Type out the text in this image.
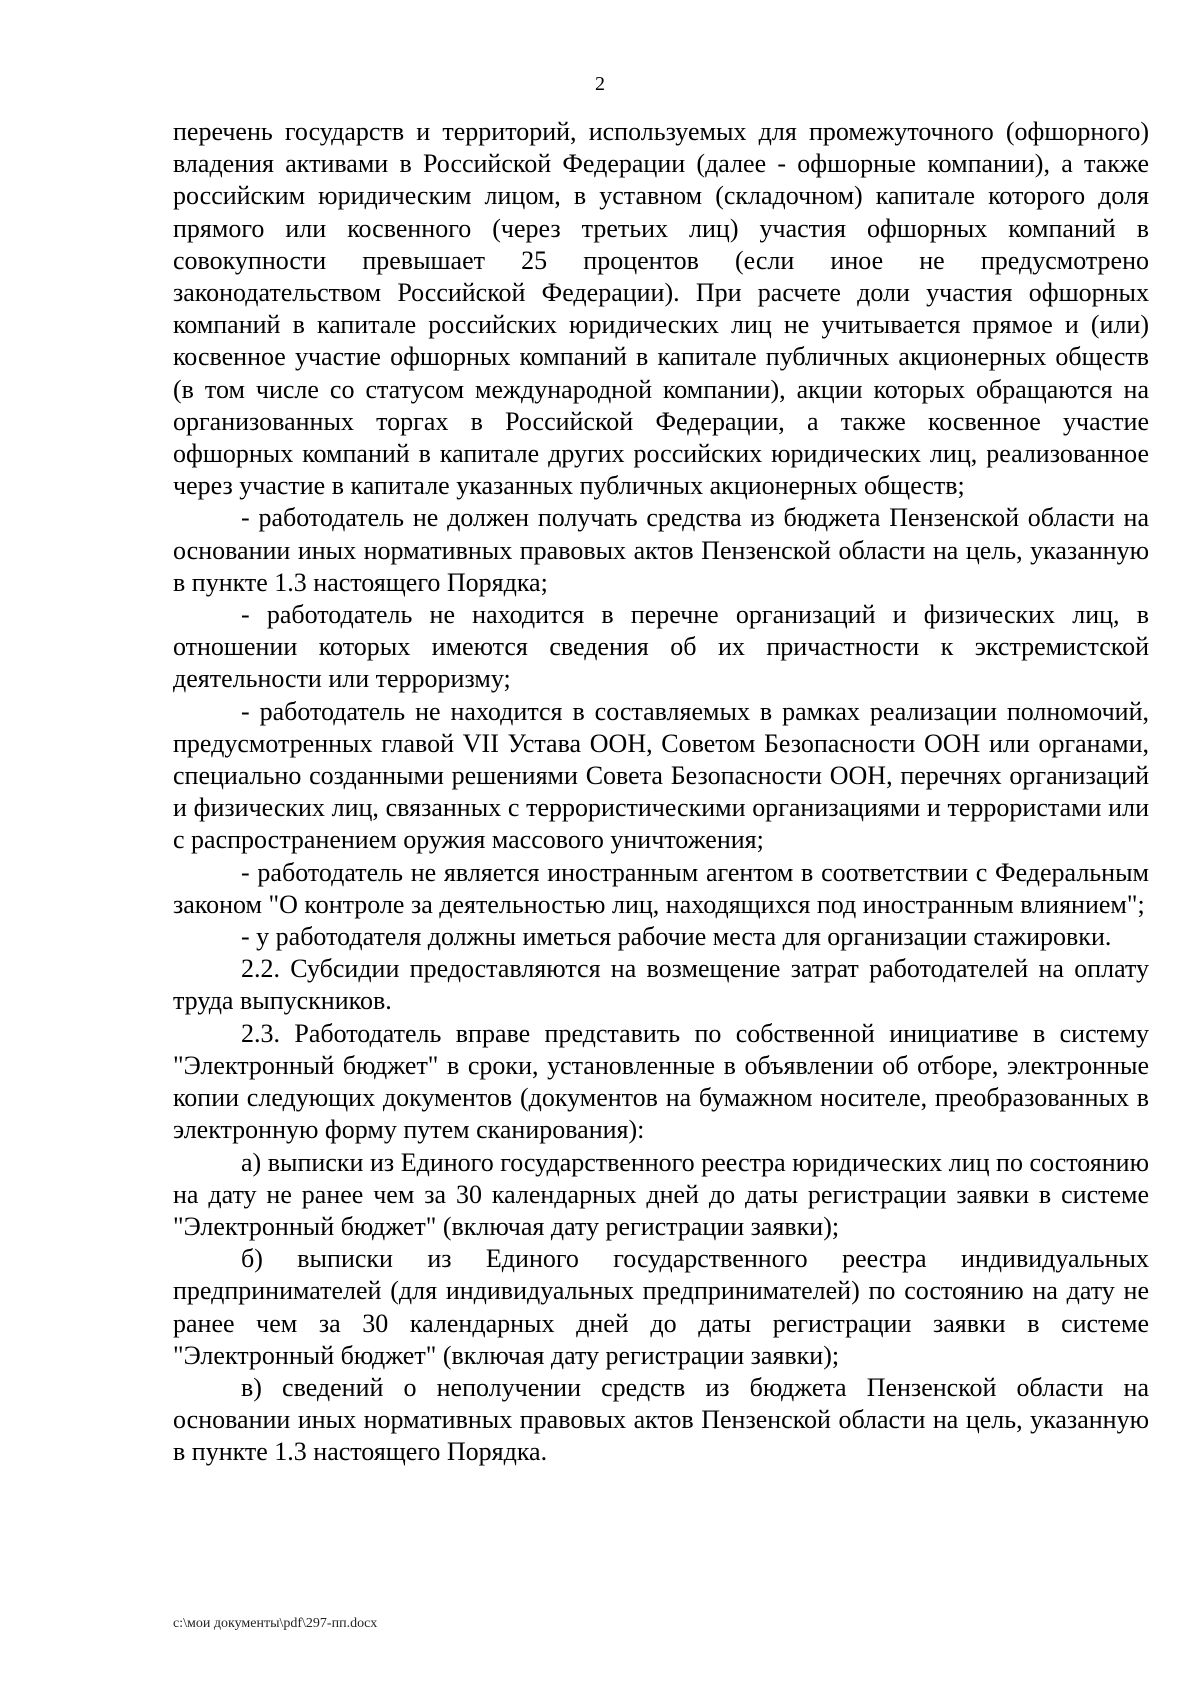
2

перечень государств и территорий, используемых для промежуточного (офшорного) владения активами в Российской Федерации (далее - офшорные компании), а также российским юридическим лицом, в уставном (складочном) капитале которого доля прямого или косвенного (через третьих лиц) участия офшорных компаний в совокупности превышает 25 процентов (если иное не предусмотрено законодательством Российской Федерации). При расчете доли участия офшорных компаний в капитале российских юридических лиц не учитывается прямое и (или) косвенное участие офшорных компаний в капитале публичных акционерных обществ (в том числе со статусом международной компании), акции которых обращаются на организованных торгах в Российской Федерации, а также косвенное участие офшорных компаний в капитале других российских юридических лиц, реализованное через участие в капитале указанных публичных акционерных обществ;

- работодатель не должен получать средства из бюджета Пензенской области на основании иных нормативных правовых актов Пензенской области на цель, указанную в пункте 1.3 настоящего Порядка;

- работодатель не находится в перечне организаций и физических лиц, в отношении которых имеются сведения об их причастности к экстремистской деятельности или терроризму;

- работодатель не находится в составляемых в рамках реализации полномочий, предусмотренных главой VII Устава ООН, Советом Безопасности ООН или органами, специально созданными решениями Совета Безопасности ООН, перечнях организаций и физических лиц, связанных с террористическими организациями и террористами или с распространением оружия массового уничтожения;

- работодатель не является иностранным агентом в соответствии с Федеральным законом "О контроле за деятельностью лиц, находящихся под иностранным влиянием";

- у работодателя должны иметься рабочие места для организации стажировки.

2.2. Субсидии предоставляются на возмещение затрат работодателей на оплату труда выпускников.

2.3. Работодатель вправе представить по собственной инициативе в систему "Электронный бюджет" в сроки, установленные в объявлении об отборе, электронные копии следующих документов (документов на бумажном носителе, преобразованных в электронную форму путем сканирования):

а) выписки из Единого государственного реестра юридических лиц по состоянию на дату не ранее чем за 30 календарных дней до даты регистрации заявки в системе "Электронный бюджет" (включая дату регистрации заявки);

б) выписки из Единого государственного реестра индивидуальных предпринимателей (для индивидуальных предпринимателей) по состоянию на дату не ранее чем за 30 календарных дней до даты регистрации заявки в системе "Электронный бюджет" (включая дату регистрации заявки);

в) сведений о неполучении средств из бюджета Пензенской области на основании иных нормативных правовых актов Пензенской области на цель, указанную в пункте 1.3 настоящего Порядка.

c:\мои документы\pdf\297-пп.docx
